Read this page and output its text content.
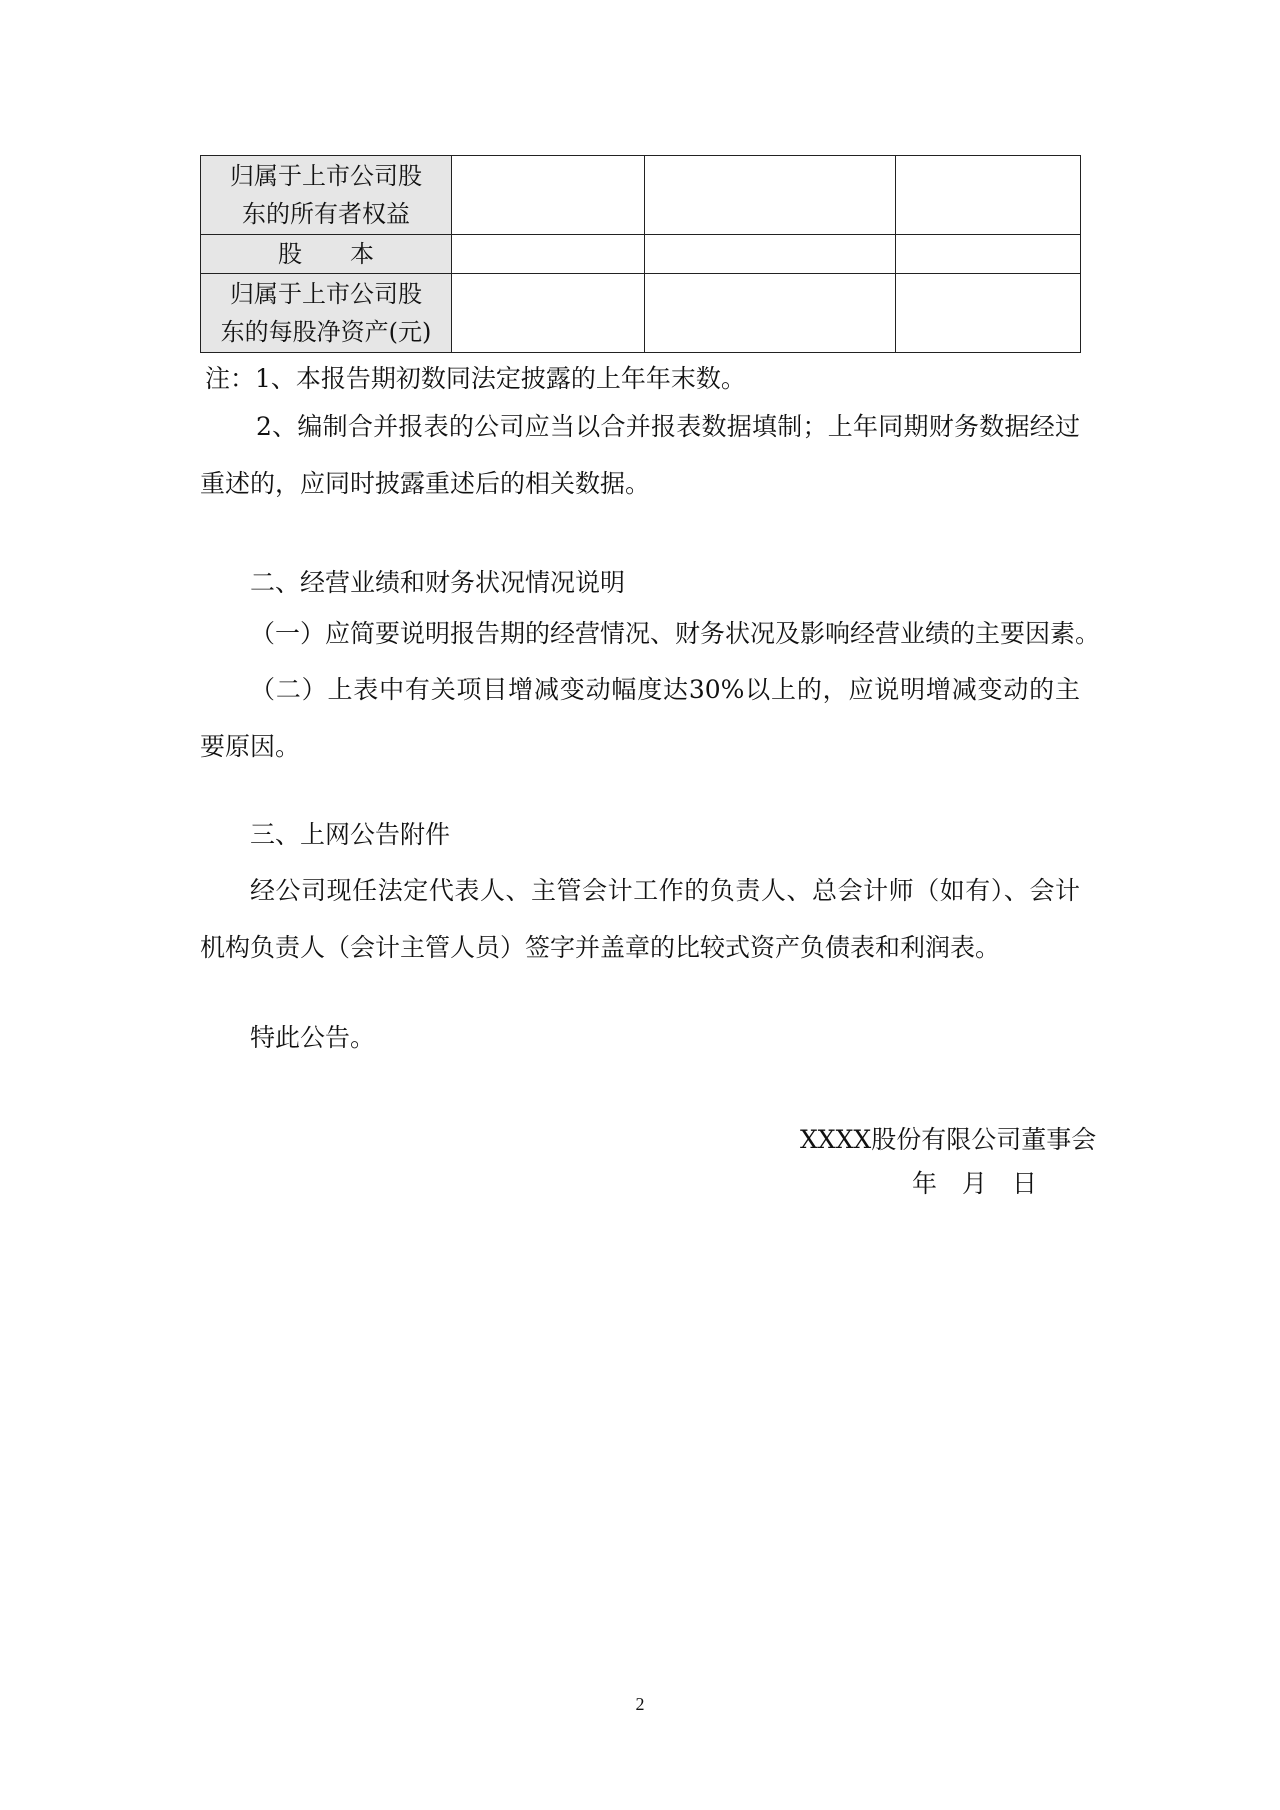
归属于上市公司股
东的所有者权益			

股　　本			

归属于上市公司股
东的每股净资产(元)			

注：1、本报告期初数同法定披露的上年年末数。
2、编制合并报表的公司应当以合并报表数据填制；上年同期财务数据经过重述的，应同时披露重述后的相关数据。
二、经营业绩和财务状况情况说明
（一）应简要说明报告期的经营情况、财务状况及影响经营业绩的主要因素。
（二）上表中有关项目增减变动幅度达30%以上的，应说明增减变动的主要原因。
三、上网公告附件
经公司现任法定代表人、主管会计工作的负责人、总会计师（如有）、会计机构负责人（会计主管人员）签字并盖章的比较式资产负债表和利润表。
特此公告。
XXXX股份有限公司董事会
年　月　日
2
